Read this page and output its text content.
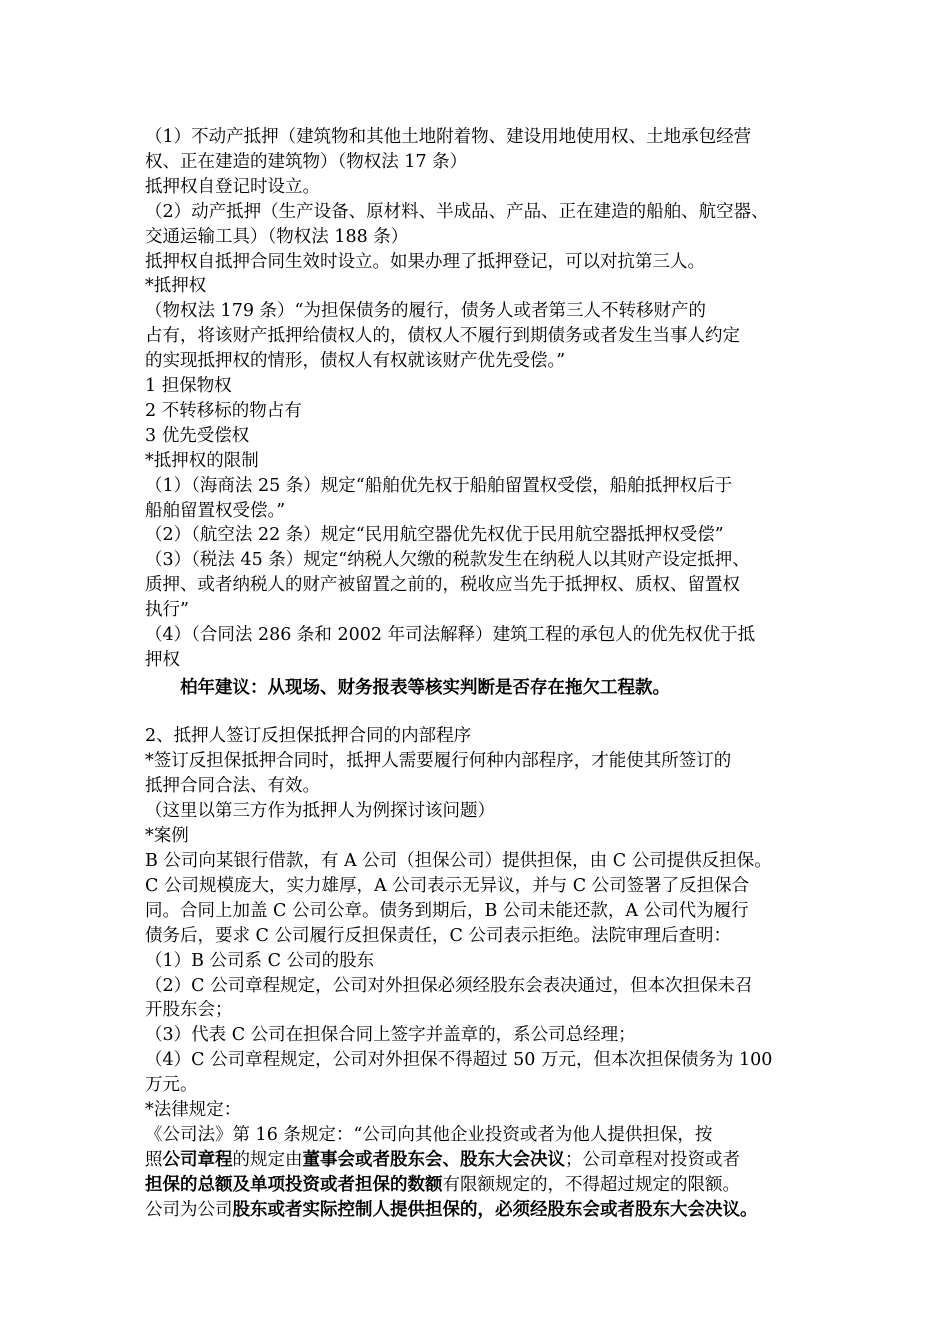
（1）不动产抵押（建筑物和其他土地附着物、建设用地使用权、土地承包经营
权、正在建造的建筑物）（物权法 17 条）
抵押权自登记时设立。
（2）动产抵押（生产设备、原材料、半成品、产品、正在建造的船舶、航空器、
交通运输工具）（物权法 188 条）
抵押权自抵押合同生效时设立。如果办理了抵押登记，可以对抗第三人。
*抵押权
（物权法 179 条）“为担保债务的履行，债务人或者第三人不转移财产的
占有，将该财产抵押给债权人的，债权人不履行到期债务或者发生当事人约定
的实现抵押权的情形，债权人有权就该财产优先受偿。”
1 担保物权
2 不转移标的物占有
3 优先受偿权
*抵押权的限制
（1）（海商法 25 条）规定“船舶优先权于船舶留置权受偿，船舶抵押权后于
船舶留置权受偿。”
（2）（航空法 22 条）规定“民用航空器优先权优于民用航空器抵押权受偿”
（3）（税法 45 条）规定“纳税人欠缴的税款发生在纳税人以其财产设定抵押、
质押、或者纳税人的财产被留置之前的，税收应当先于抵押权、质权、留置权
执行”
（4）（合同法 286 条和 2002 年司法解释）建筑工程的承包人的优先权优于抵
押权
柏年建议：从现场、财务报表等核实判断是否存在拖欠工程款。
2、抵押人签订反担保抵押合同的内部程序
*签订反担保抵押合同时，抵押人需要履行何种内部程序，才能使其所签订的
抵押合同合法、有效。
（这里以第三方作为抵押人为例探讨该问题）
*案例
B 公司向某银行借款，有 A 公司（担保公司）提供担保，由 C 公司提供反担保。
C 公司规模庞大，实力雄厚，A 公司表示无异议，并与 C 公司签署了反担保合
同。合同上加盖 C 公司公章。债务到期后，B 公司未能还款，A 公司代为履行
债务后，要求 C 公司履行反担保责任，C 公司表示拒绝。法院审理后查明：
（1）B 公司系 C 公司的股东
（2）C 公司章程规定，公司对外担保必须经股东会表决通过，但本次担保未召
开股东会；
（3）代表 C 公司在担保合同上签字并盖章的，系公司总经理；
（4）C 公司章程规定，公司对外担保不得超过 50 万元，但本次担保债务为 100
万元。
*法律规定：
《公司法》第 16 条规定：“公司向其他企业投资或者为他人提供担保，按
照公司章程的规定由董事会或者股东会、股东大会决议；公司章程对投资或者
担保的总额及单项投资或者担保的数额有限额规定的，不得超过规定的限额。
公司为公司股东或者实际控制人提供担保的，必须经股东会或者股东大会决议。
